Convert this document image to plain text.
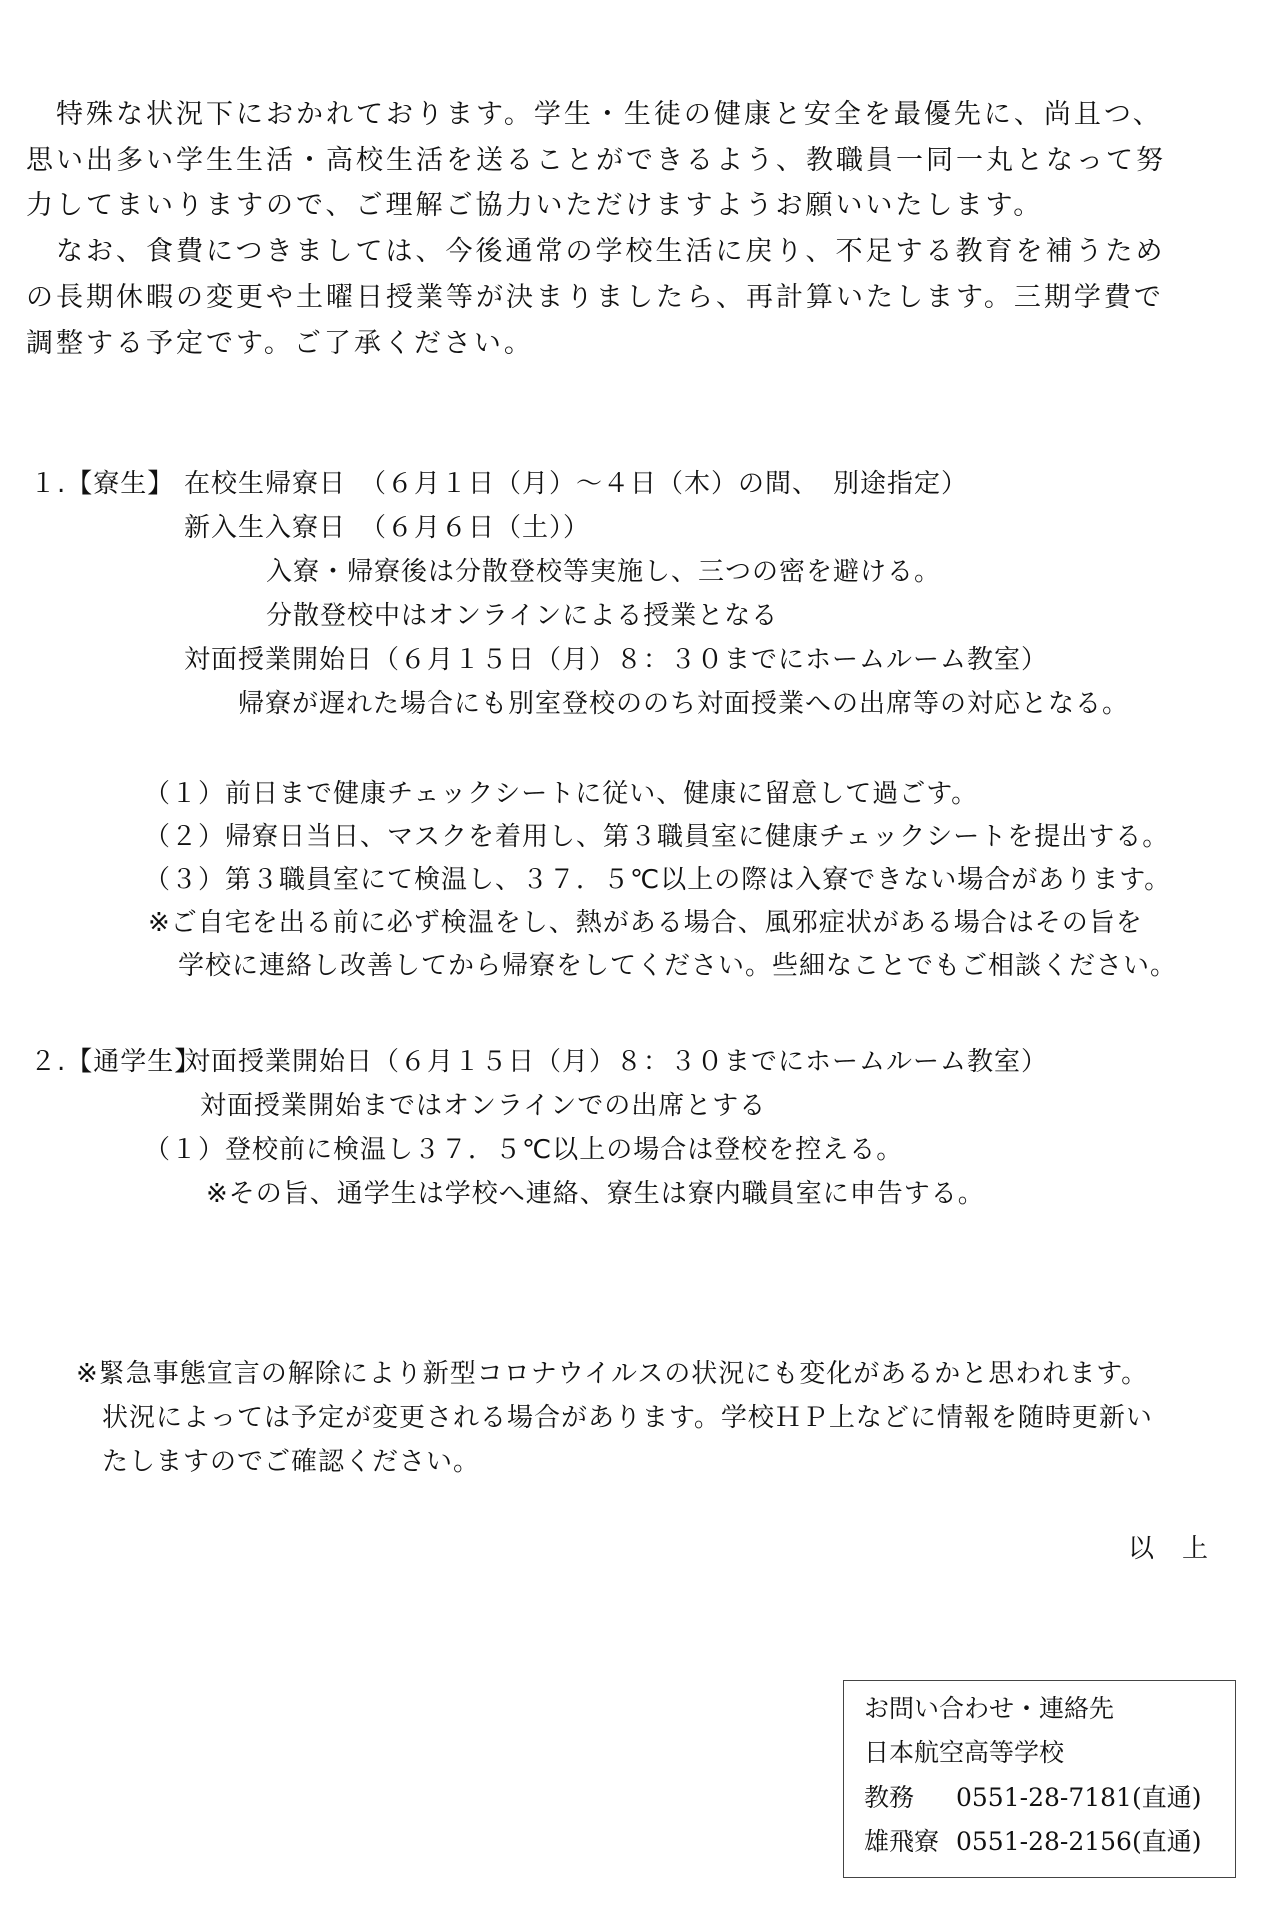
特殊な状況下におかれております。学生・生徒の健康と安全を最優先に、尚且つ、
思い出多い学生生活・高校生活を送ることができるよう、教職員一同一丸となって努
力してまいりますので、ご理解ご協力いただけますようお願いいたします。
なお、食費につきましては、今後通常の学校生活に戻り、不足する教育を補うため
の長期休暇の変更や土曜日授業等が決まりましたら、再計算いたします。三期学費で
調整する予定です。ご了承ください。
１.【寮生】 在校生帰寮日　（６月１日（月）～４日（木）の間、　別途指定）
新入生入寮日　（６月６日（土））
入寮・帰寮後は分散登校等実施し、三つの密を避ける。
分散登校中はオンラインによる授業となる
対面授業開始日（６月１５日（月）８：３０までにホームルーム教室）
帰寮が遅れた場合にも別室登校ののち対面授業への出席等の対応となる。
（１）前日まで健康チェックシートに従い、健康に留意して過ごす。
（２）帰寮日当日、マスクを着用し、第３職員室に健康チェックシートを提出する。
（３）第３職員室にて検温し、３７．５℃以上の際は入寮できない場合があります。
※ご自宅を出る前に必ず検温をし、熱がある場合、風邪症状がある場合はその旨を
学校に連絡し改善してから帰寮をしてください。些細なことでもご相談ください。
２.【通学生】
対面授業開始日（６月１５日（月）８：３０までにホームルーム教室）
対面授業開始まではオンラインでの出席とする
（１）登校前に検温し３７．５℃以上の場合は登校を控える。
※その旨、通学生は学校へ連絡、寮生は寮内職員室に申告する。
※緊急事態宣言の解除により新型コロナウイルスの状況にも変化があるかと思われます。
状況によっては予定が変更される場合があります。学校ＨＰ上などに情報を随時更新い
たしますのでご確認ください。
以　上
お問い合わせ・連絡先
日本航空高等学校
教務 0551-28-7181(直通)
雄飛寮 0551-28-2156(直通)
